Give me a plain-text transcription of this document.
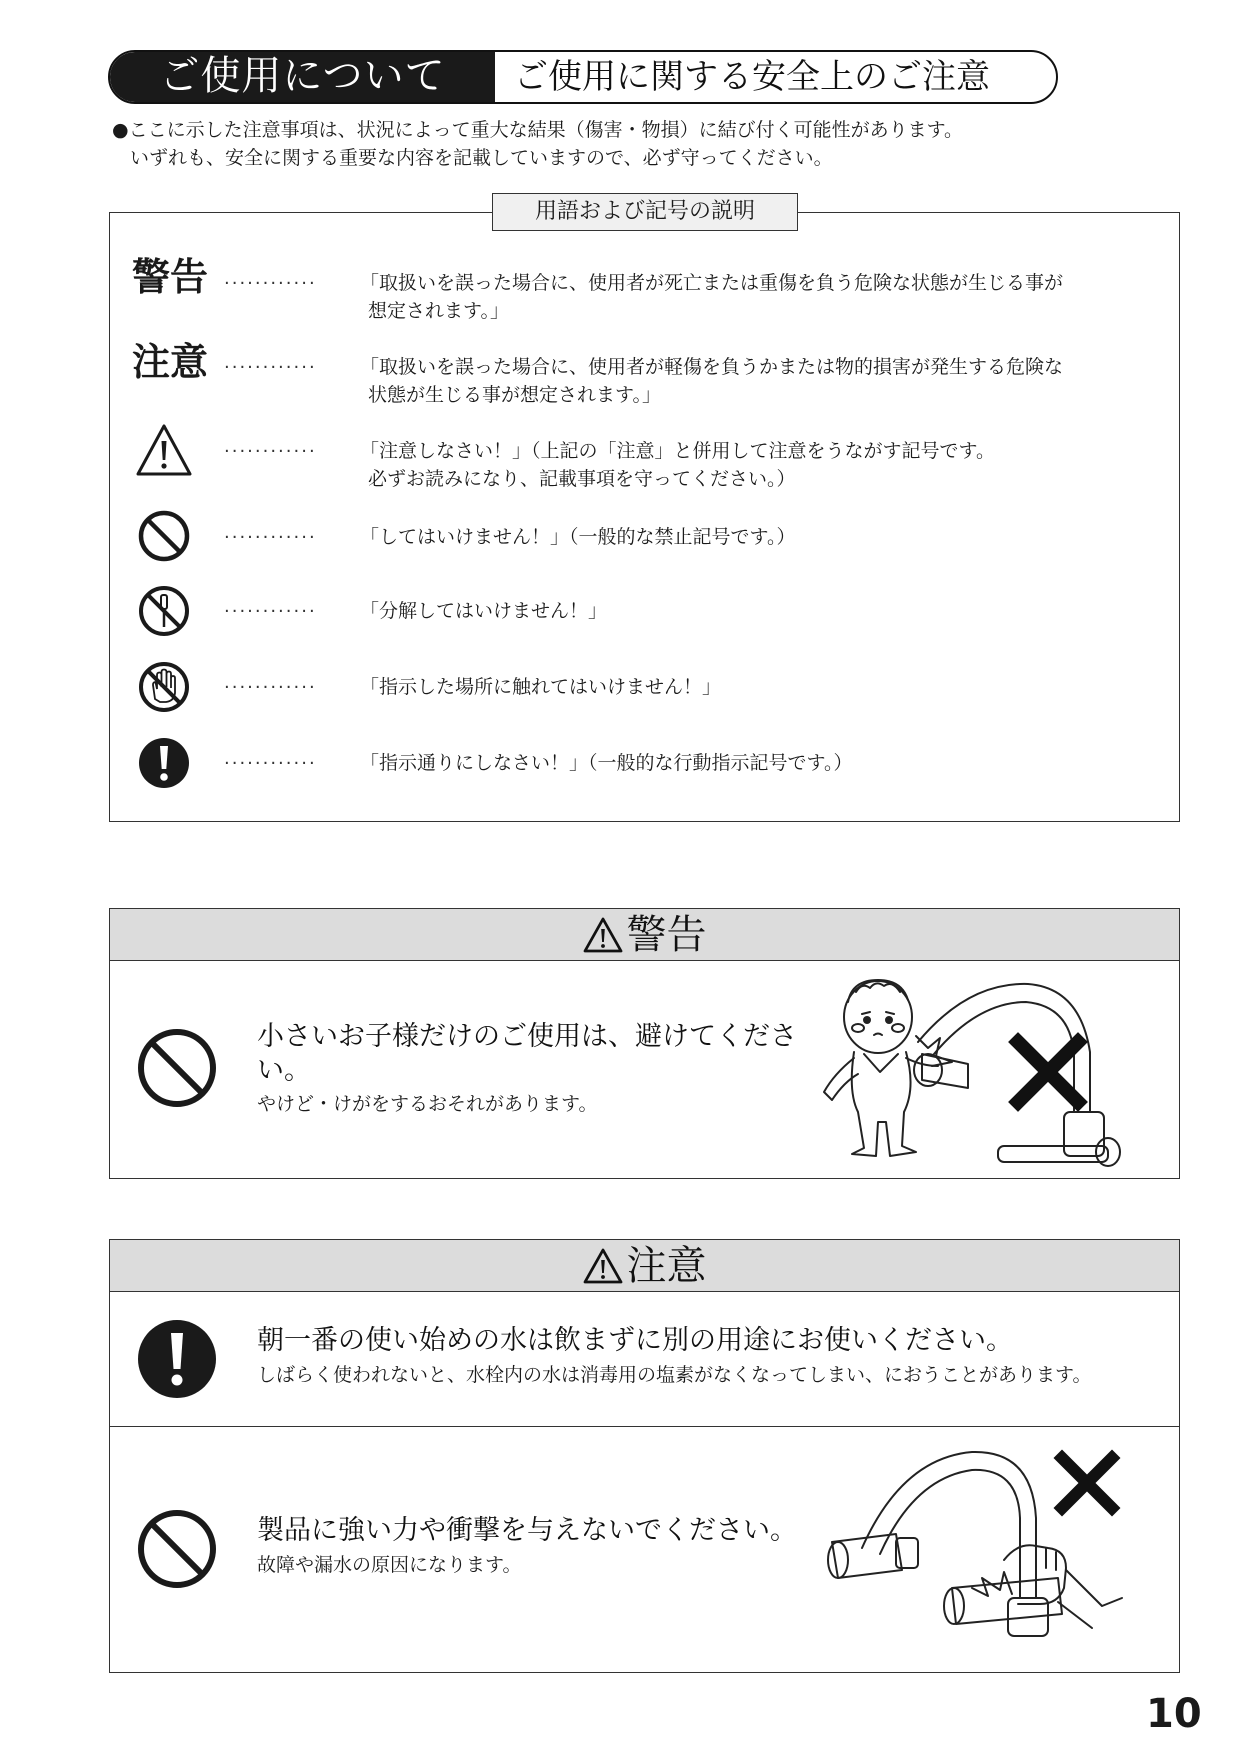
ご使用について	ご使用に関する安全上のご注意
●ここに示した注意事項は、状況によって重大な結果（傷害・物損）に結び付く可能性があります。
いずれも、安全に関する重要な内容を記載していますので、必ず守ってください。
用語および記号の説明
警告 ············ 「取扱いを誤った場合に、使用者が死亡または重傷を負う危険な状態が生じる事が
想定されます。」
注意 ············ 「取扱いを誤った場合に、使用者が軽傷を負うかまたは物的損害が発生する危険な
状態が生じる事が想定されます。」
············ 「注意しなさい！」（上記の「注意」と併用して注意をうながす記号です。
必ずお読みになり、記載事項を守ってください。）
············ 「してはいけません！」（一般的な禁止記号です。）
············ 「分解してはいけません！」
············ 「指示した場所に触れてはいけません！」
············ 「指示通りにしなさい！」（一般的な行動指示記号です。）
警告
小さいお子様だけのご使用は、避けてくださ
い。
やけど・けがをするおそれがあります。
注意
朝一番の使い始めの水は飲まずに別の用途にお使いください。
しばらく使われないと、水栓内の水は消毒用の塩素がなくなってしまい、におうことがあります。
製品に強い力や衝撃を与えないでください。
故障や漏水の原因になります。
10
